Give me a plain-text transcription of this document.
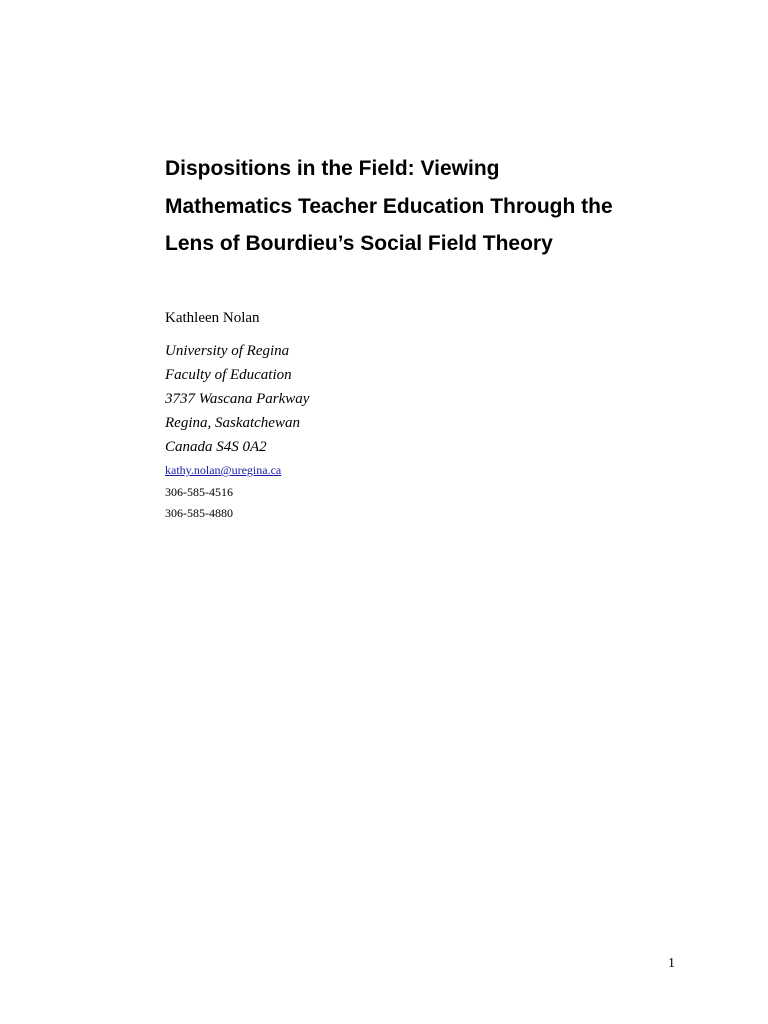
Dispositions in the Field: Viewing
Mathematics Teacher Education Through the
Lens of Bourdieu’s Social Field Theory
Kathleen Nolan
University of Regina
Faculty of Education
3737 Wascana Parkway
Regina, Saskatchewan
Canada S4S 0A2
kathy.nolan@uregina.ca
306-585-4516
306-585-4880
1
